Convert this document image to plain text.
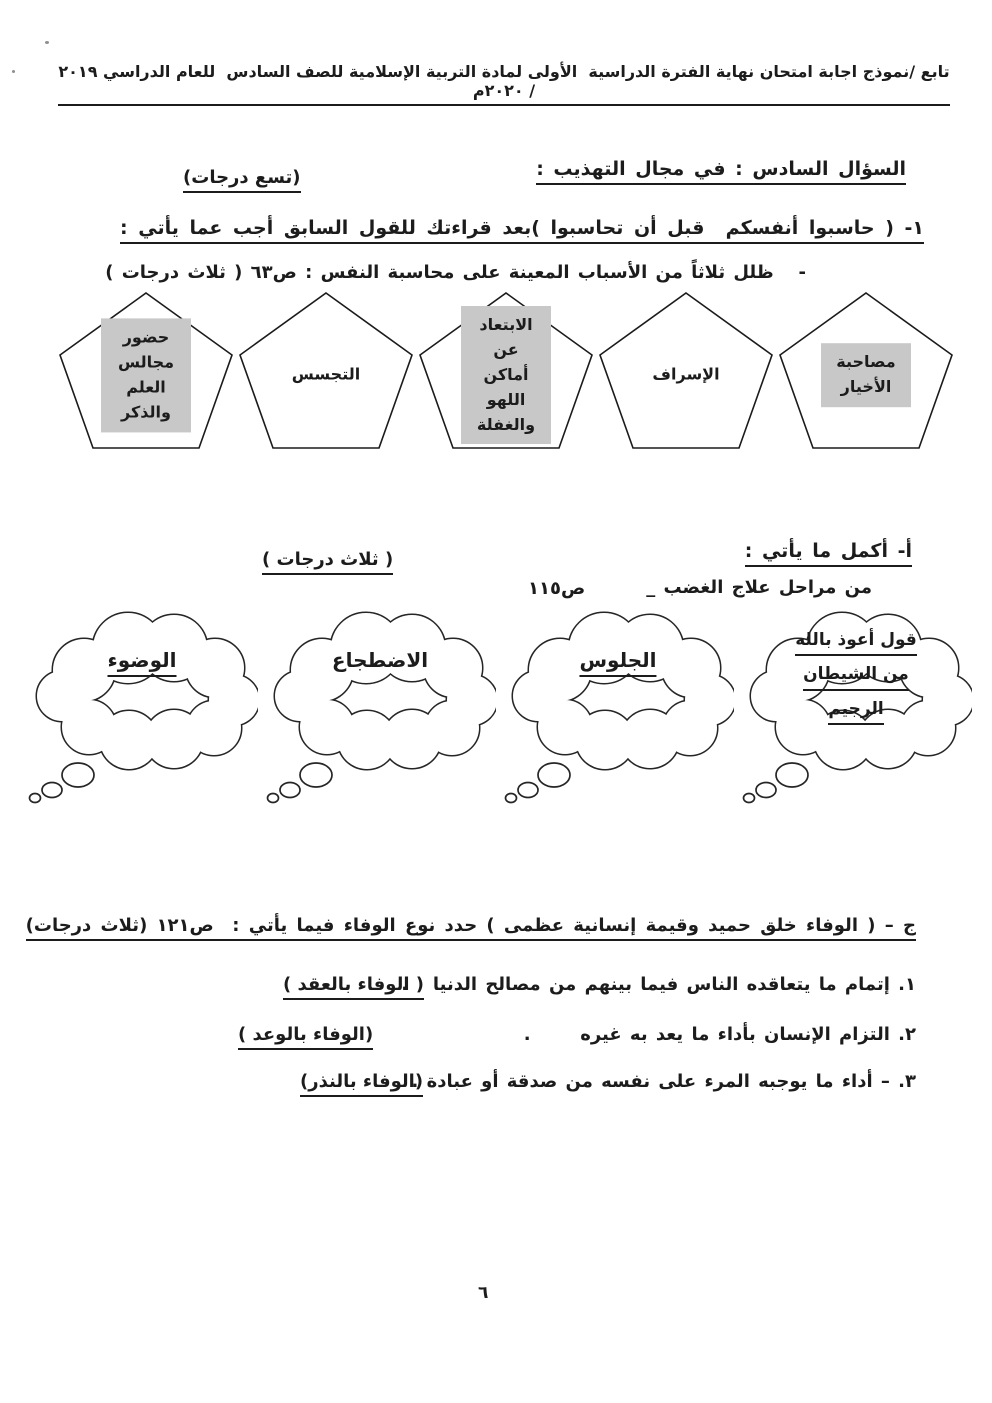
تابع /نموذج اجابة امتحان نهاية الفترة الدراسية  الأولى لمادة التربية الإسلامية للصف السادس  للعام الدراسي ٢٠١٩ / ٢٠٢٠م
السؤال السادس : في مجال التهذيب :
(تسع درجات)
١- ( حاسبوا أنفسكم  قبل أن تحاسبوا )بعد قراءتك للقول السابق أجب عما يأتي :
-   ظلل ثلاثاً من الأسباب المعينة على محاسبة النفس : ص٦٣ ( ثلاث درجات )
مصاحبة الأخيار
الإسراف
الابتعاد عن أماكن اللهو والغفلة
التجسس
حضور مجالس العلم والذكر
أ- أكمل ما يأتي :
( ثلاث درجات )
من مراحل علاج الغضب _
ص١١٥
قول أعوذ بالله
من الشيطان
الرجيم
الجلوس
الاضطجاع
الوضوء
ج – ( الوفاء خلق حميد وقيمة إنسانية عظمى ) حدد نوع الوفاء فيما يأتي :  ص١٢١ (ثلاث درجات)
١. إتمام ما يتعاقده الناس فيما بينهم من مصالح الدنيا   .
( الوفاء بالعقد )
٢. التزام الإنسان بأداء ما يعد به غيره      .
(الوفاء بالوعد )
٣. – أداء ما يوجبه المرء على نفسه من صدقة أو عبادة .
(الوفاء بالنذر)
٦
